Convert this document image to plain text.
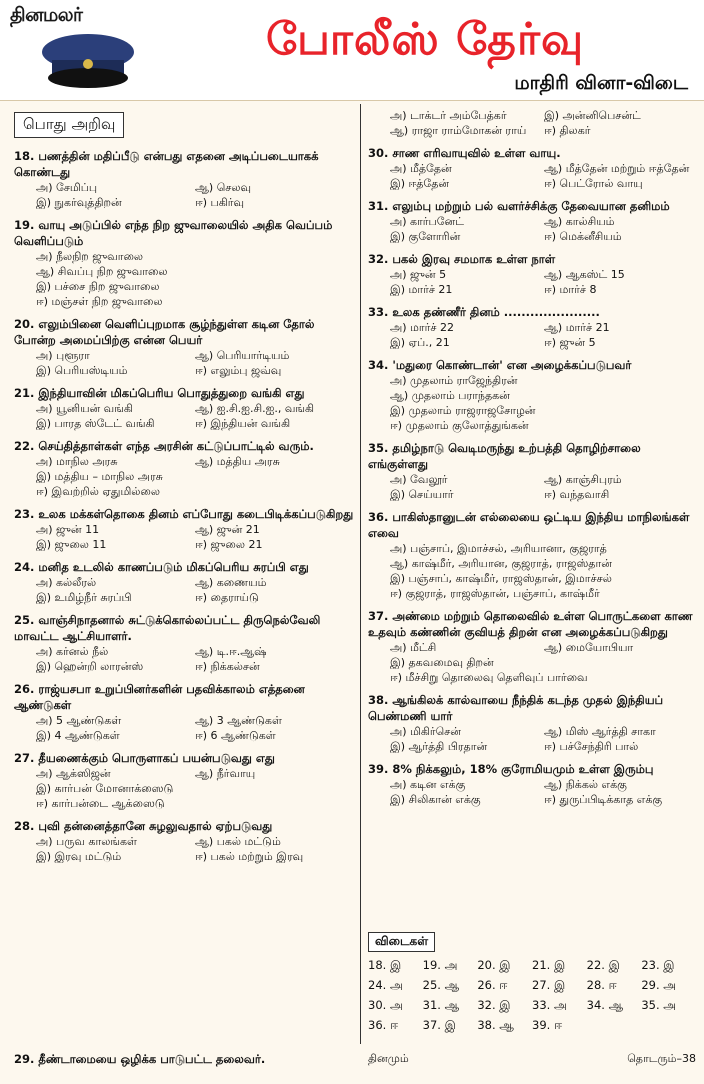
தினமலர்	போலீஸ் தேர்வு
மாதிரி வினா-விடை
பொது அறிவு
18. பணத்தின் மதிப்பீடு என்பது எதனை அடிப்படையாகக் கொண்டது
அ) சேமிப்பு	ஆ) செலவு
இ) நுகர்வுத்திறன்	ஈ) பகிர்வு
19. வாயு அடுப்பில் எந்த நிற ஜுவாலையில் அதிக வெப்பம் வெளிப்படும்
அ) நீலநிற ஜுவாலை
ஆ) சிவப்பு நிற ஜுவாலை
இ) பச்சை நிற ஜுவாலை
ஈ) மஞ்சள் நிற ஜுவாலை
20. எலும்பினை வெளிப்புறமாக சூழ்ந்துள்ள கடின தோல் போன்ற அமைப்பிற்கு என்ன பெயர்
அ) புளூரா	ஆ) பெரியார்டியம்
இ) பெரியஸ்டியம்	ஈ) எலும்பு ஜவ்வு
21. இந்தியாவின் மிகப்பெரிய பொதுத்துறை வங்கி எது
அ) யூனியன் வங்கி	ஆ) ஐ.சி.ஐ.சி.ஐ., வங்கி
இ) பாரத ஸ்டேட் வங்கி	ஈ) இந்தியன் வங்கி
22. செய்தித்தாள்கள் எந்த அரசின் கட்டுப்பாட்டில் வரும்.
அ) மாநில அரசு	ஆ) மத்திய அரசு
இ) மத்திய – மாநில அரசு
ஈ) இவற்றில் ஏதுமில்லை
23. உலக மக்கள்தொகை தினம் எப்போது கடைபிடிக்கப்படுகிறது
அ) ஜுன் 11	ஆ) ஜுன் 21
இ) ஜுலை 11	ஈ) ஜுலை 21
24. மனித உடலில் காணப்படும் மிகப்பெரிய சுரப்பி எது
அ) கல்லீரல்	ஆ) கணையம்
இ) உமிழ்நீர் சுரப்பி	ஈ) தைராய்டு
25. வாஞ்சிநாதனால் சுட்டுக்கொல்லப்பட்ட திருநெல்வேலி மாவட்ட ஆட்சியாளர்.
அ) கர்னல் நீல்	ஆ) டி.ஈ.ஆஷ்
இ) ஹென்றி லாரன்ஸ்	ஈ) நிக்கல்சன்
26. ராஜ்யசபா உறுப்பினர்களின் பதவிக்காலம் எத்தனை ஆண்டுகள்
அ) 5 ஆண்டுகள்	ஆ) 3 ஆண்டுகள்
இ) 4 ஆண்டுகள்	ஈ) 6 ஆண்டுகள்
27. தீயணைக்கும் பொருளாகப் பயன்படுவது எது
அ) ஆக்ஸிஜன்	ஆ) நீர்வாயு
இ) கார்பன் மோனாக்ஸைடு
ஈ) கார்பன்டை ஆக்ஸைடு
28. புவி தன்னைத்தானே சுழலுவதால் ஏற்படுவது
அ) பருவ காலங்கள்	ஆ) பகல் மட்டும்
இ) இரவு மட்டும்	ஈ) பகல் மற்றும் இரவு
அ) டாக்டர் அம்பேத்கர்	இ) அன்னிபெசன்ட்
ஆ) ராஜா ராம்மோகன் ராய்	ஈ) திலகர்
30. சாண எரிவாயுவில் உள்ள வாயு.
அ) மீத்தேன்	ஆ) மீத்தேன் மற்றும் ஈத்தேன்
இ) ஈத்தேன்	ஈ) பெட்ரோல் வாயு
31. எலும்பு மற்றும் பல் வளர்ச்சிக்கு தேவையான தனிமம்
அ) கார்பனேட்	ஆ) கால்சியம்
இ) குளோரின்	ஈ) மெக்னீசியம்
32. பகல் இரவு சமமாக உள்ள நாள்
அ) ஜுன் 5	ஆ) ஆகஸ்ட் 15
இ) மார்ச் 21	ஈ) மார்ச் 8
33. உலக தண்ணீர் தினம் ......................
அ) மார்ச் 22	ஆ) மார்ச் 21
இ) ஏப்., 21	ஈ) ஜுன் 5
34. 'மதுரை கொண்டான்' என அழைக்கப்படுபவர்
அ) முதலாம் ராஜேந்திரன்
ஆ) முதலாம் பராந்தகன்
இ) முதலாம் ராஜராஜசோழன்
ஈ) முதலாம் குலோத்துங்கன்
35. தமிழ்நாடு வெடிமருந்து உற்பத்தி தொழிற்சாலை எங்குள்ளது
அ) வேலூர்	ஆ) காஞ்சிபுரம்
இ) செய்யார்	ஈ) வந்தவாசி
36. பாகிஸ்தானுடன் எல்லையை ஒட்டிய இந்திய மாநிலங்கள் எவை
அ) பஞ்சாப், இமாச்சல், அரியானா, குஜராத்
ஆ) காஷ்மீர், அரியான, குஜராத், ராஜஸ்தான்
இ) பஞ்சாப், காஷ்மீர், ராஜஸ்தான், இமாச்சல்
ஈ) குஜராத், ராஜஸ்தான், பஞ்சாப், காஷ்மீர்
37. அண்மை மற்றும் தொலைவில் உள்ள பொருட்களை காண உதவும் கண்ணின் குவியத் திறன் என அழைக்கப்படுகிறது
அ) மீட்சி	ஆ) மையோபியா
இ) தகவமைவு திறன்
ஈ) மீச்சிறு தொலைவு தெளிவுப் பார்வை
38. ஆங்கிலக் கால்வாயை நீந்திக் கடந்த முதல் இந்தியப் பெண்மணி யார்
அ) மிகிர்சென்	ஆ) மிஸ் ஆர்த்தி சாகா
இ) ஆர்த்தி பிரதான்	ஈ) பச்சேந்திரி பால்
39. 8% நிக்கலும், 18% குரோமியமும் உள்ள இரும்பு
அ) கடின எக்கு	ஆ) நிக்கல் எக்கு
இ) சிலிகான் எக்கு	ஈ) துருப்பிடிக்காத எக்கு
விடைகள்
18. இ	19. அ	20. இ	21. இ	22. இ	23. இ
24. அ	25. ஆ	26. ஈ	27. இ	28. ஈ	29. அ
30. அ	31. ஆ	32. இ	33. அ	34. ஆ	35. அ
36. ஈ	37. இ	38. ஆ	39. ஈ
29. தீண்டாமையை ஒழிக்க பாடுபட்ட தலைவர்.	தினமும்	தொடரும்–38
